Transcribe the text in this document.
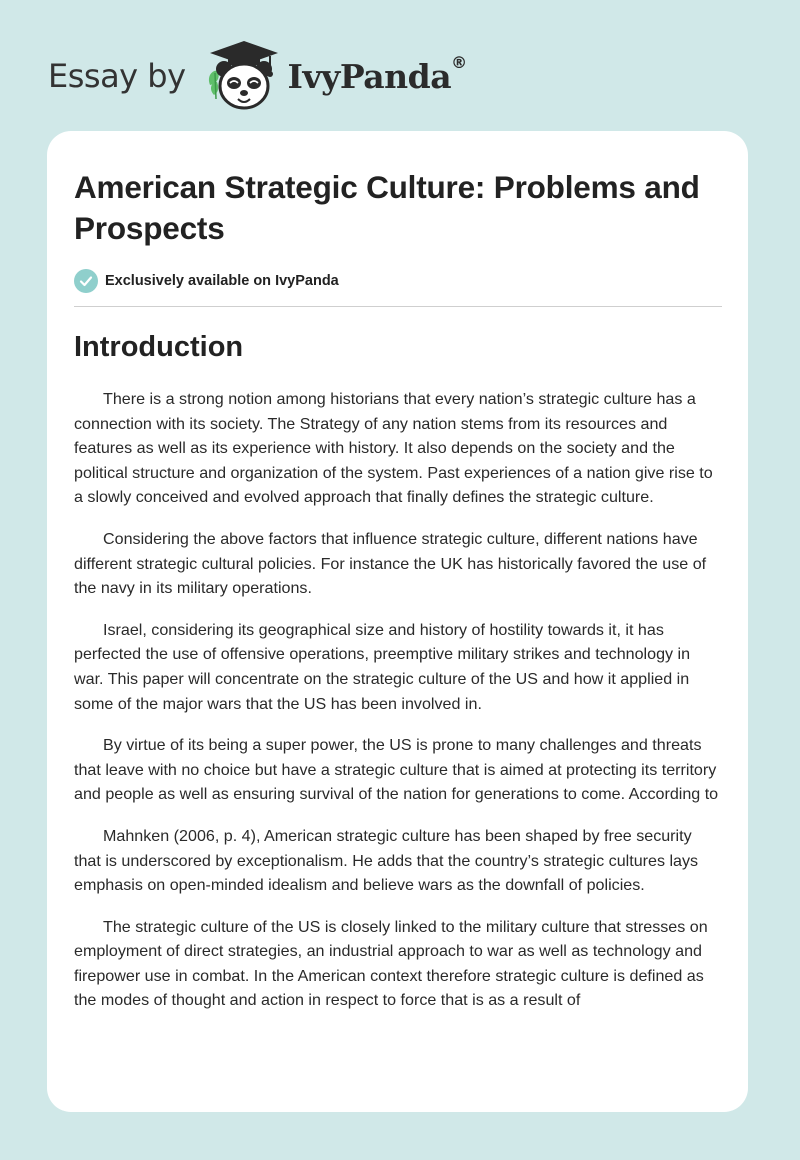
Essay by	IvyPanda®
American Strategic Culture: Problems and Prospects
Exclusively available on IvyPanda
Introduction

There is a strong notion among historians that every nation’s strategic culture has a connection with its society. The Strategy of any nation stems from its resources and features as well as its experience with history. It also depends on the society and the political structure and organization of the system. Past experiences of a nation give rise to a slowly conceived and evolved approach that finally defines the strategic culture.

Considering the above factors that influence strategic culture, different nations have different strategic cultural policies. For instance the UK has historically favored the use of the navy in its military operations.

Israel, considering its geographical size and history of hostility towards it, it has perfected the use of offensive operations, preemptive military strikes and technology in war. This paper will concentrate on the strategic culture of the US and how it applied in some of the major wars that the US has been involved in.

By virtue of its being a super power, the US is prone to many challenges and threats that leave with no choice but have a strategic culture that is aimed at protecting its territory and people as well as ensuring survival of the nation for generations to come. According to

Mahnken (2006, p. 4), American strategic culture has been shaped by free security that is underscored by exceptionalism. He adds that the country’s strategic cultures lays emphasis on open-minded idealism and believe wars as the downfall of policies.

The strategic culture of the US is closely linked to the military culture that stresses on employment of direct strategies, an industrial approach to war as well as technology and firepower use in combat. In the American context therefore strategic culture is defined as the modes of thought and action in respect to force that is as a result of
